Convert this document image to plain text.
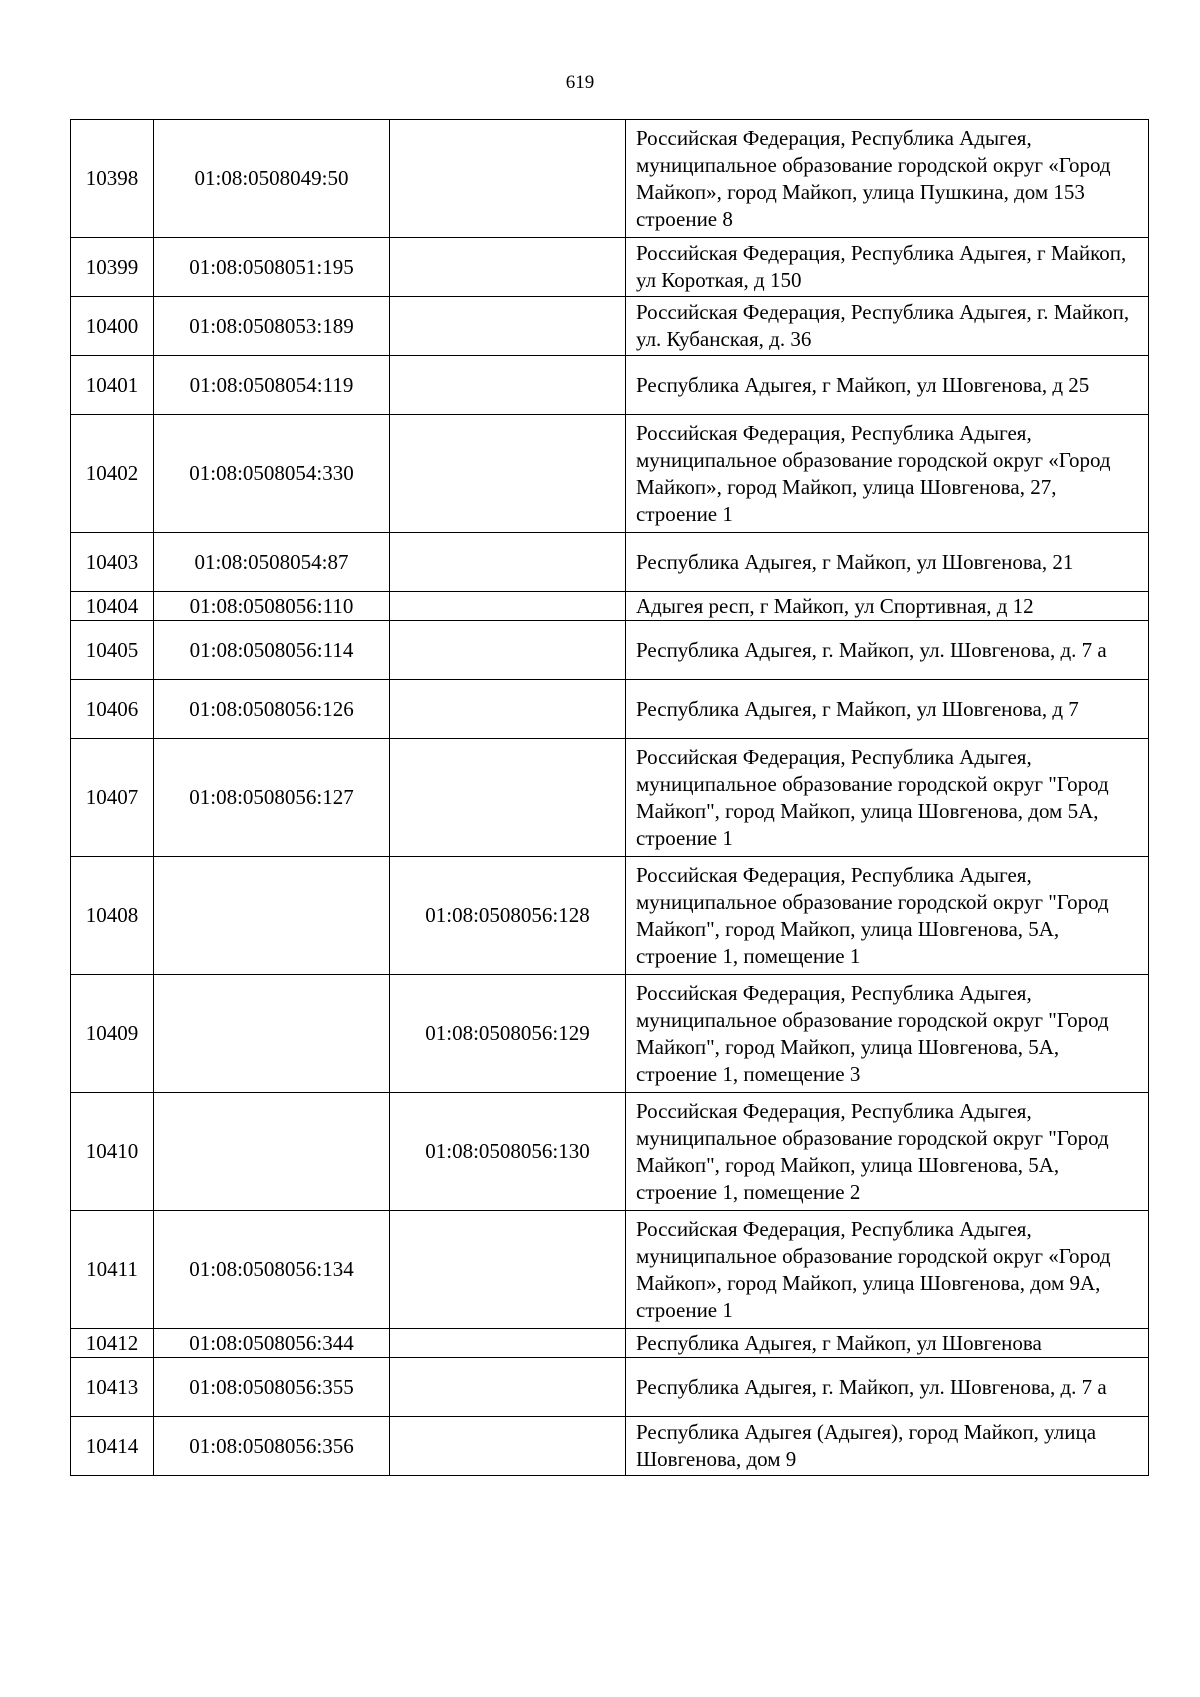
619
10398	01:08:0508049:50		Российская Федерация, Республика Адыгея, муниципальное образование городской округ «Город Майкоп», город Майкоп, улица Пушкина, дом 153 строение 8
10399	01:08:0508051:195		Российская Федерация, Республика Адыгея, г Майкоп, ул Короткая, д 150
10400	01:08:0508053:189		Российская Федерация, Республика Адыгея, г. Майкоп, ул. Кубанская, д. 36
10401	01:08:0508054:119		Республика Адыгея, г Майкоп, ул Шовгенова, д 25
10402	01:08:0508054:330		Российская Федерация, Республика Адыгея, муниципальное образование городской округ «Город Майкоп», город Майкоп, улица Шовгенова, 27, строение 1
10403	01:08:0508054:87		Республика Адыгея, г Майкоп, ул Шовгенова, 21
10404	01:08:0508056:110		Адыгея респ, г Майкоп, ул Спортивная, д 12
10405	01:08:0508056:114		Республика Адыгея, г. Майкоп, ул. Шовгенова, д. 7 а
10406	01:08:0508056:126		Республика Адыгея, г Майкоп, ул Шовгенова, д 7
10407	01:08:0508056:127		Российская Федерация, Республика Адыгея, муниципальное образование городской округ "Город Майкоп", город Майкоп, улица Шовгенова, дом 5А, строение 1
10408		01:08:0508056:128	Российская Федерация, Республика Адыгея, муниципальное образование городской округ "Город Майкоп", город Майкоп, улица Шовгенова, 5А, строение 1, помещение 1
10409		01:08:0508056:129	Российская Федерация, Республика Адыгея, муниципальное образование городской округ "Город Майкоп", город Майкоп, улица Шовгенова, 5А, строение 1, помещение 3
10410		01:08:0508056:130	Российская Федерация, Республика Адыгея, муниципальное образование городской округ "Город Майкоп", город Майкоп, улица Шовгенова, 5А, строение 1, помещение 2
10411	01:08:0508056:134		Российская Федерация, Республика Адыгея, муниципальное образование городской округ «Город Майкоп», город Майкоп, улица Шовгенова, дом 9А, строение 1
10412	01:08:0508056:344		Республика Адыгея, г Майкоп, ул Шовгенова
10413	01:08:0508056:355		Республика Адыгея, г. Майкоп, ул. Шовгенова, д. 7 а
10414	01:08:0508056:356		Республика Адыгея (Адыгея), город Майкоп, улица Шовгенова, дом 9
